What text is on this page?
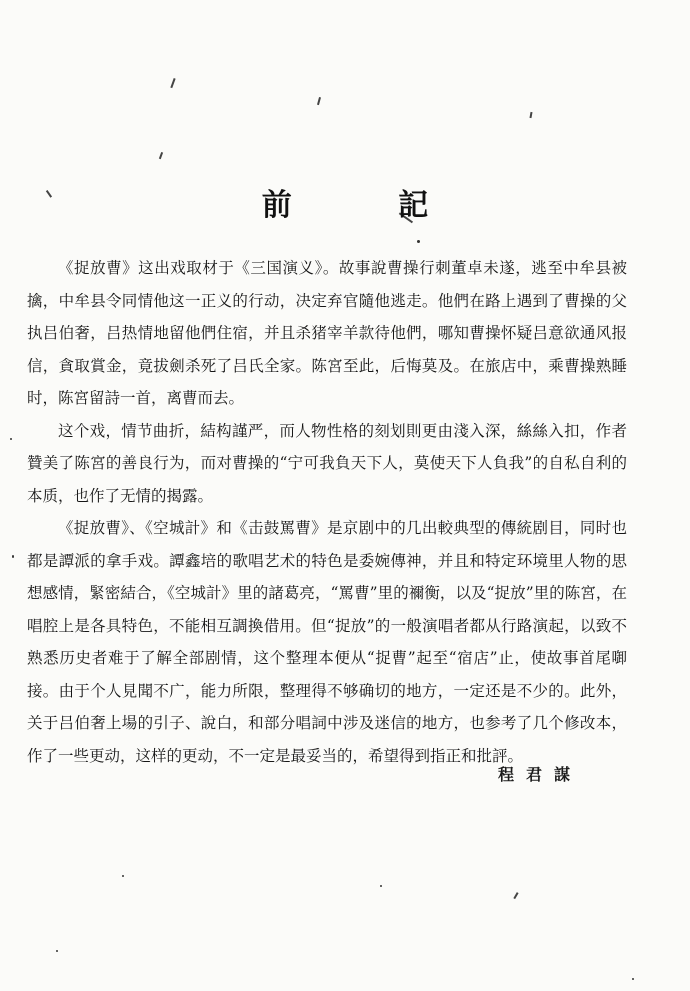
前 記

《捉放曹》这出戏取材于《三国演义》。故事說曹操行刺董卓未遂，逃至中牟县被擒，中牟县令同情他这一正义的行动，决定弃官隨他逃走。他們在路上遇到了曹操的父执吕伯奢，吕热情地留他們住宿，并且杀猪宰羊款待他們，哪知曹操怀疑吕意欲通风报信，貪取賞金，竟拔劍杀死了吕氏全家。陈宮至此，后悔莫及。在旅店中，乘曹操熟睡时，陈宮留詩一首，离曹而去。

这个戏，情节曲折，結构謹严，而人物性格的刻划則更由淺入深，絲絲入扣，作者贊美了陈宮的善良行为，而对曹操的“宁可我負天下人，莫使天下人負我”的自私自利的本质，也作了无情的揭露。

《捉放曹》、《空城計》和《击鼓罵曹》是京剧中的几出較典型的傳統剧目，同时也都是譚派的拿手戏。譚鑫培的歌唱艺术的特色是委婉傳神，并且和特定环境里人物的思想感情，緊密結合，《空城計》里的諸葛亮，“罵曹”里的禰衡，以及“捉放”里的陈宮，在唱腔上是各具特色，不能相互調換借用。但“捉放”的一般演唱者都从行路演起，以致不熟悉历史者难于了解全部剧情，这个整理本便从“捉曹”起至“宿店”止，使故事首尾啣接。由于个人見聞不广，能力所限，整理得不够确切的地方，一定还是不少的。此外，关于吕伯奢上場的引子、說白，和部分唱詞中涉及迷信的地方，也参考了几个修改本，作了一些更动，这样的更动，不一定是最妥当的，希望得到指正和批評。

程君謀
